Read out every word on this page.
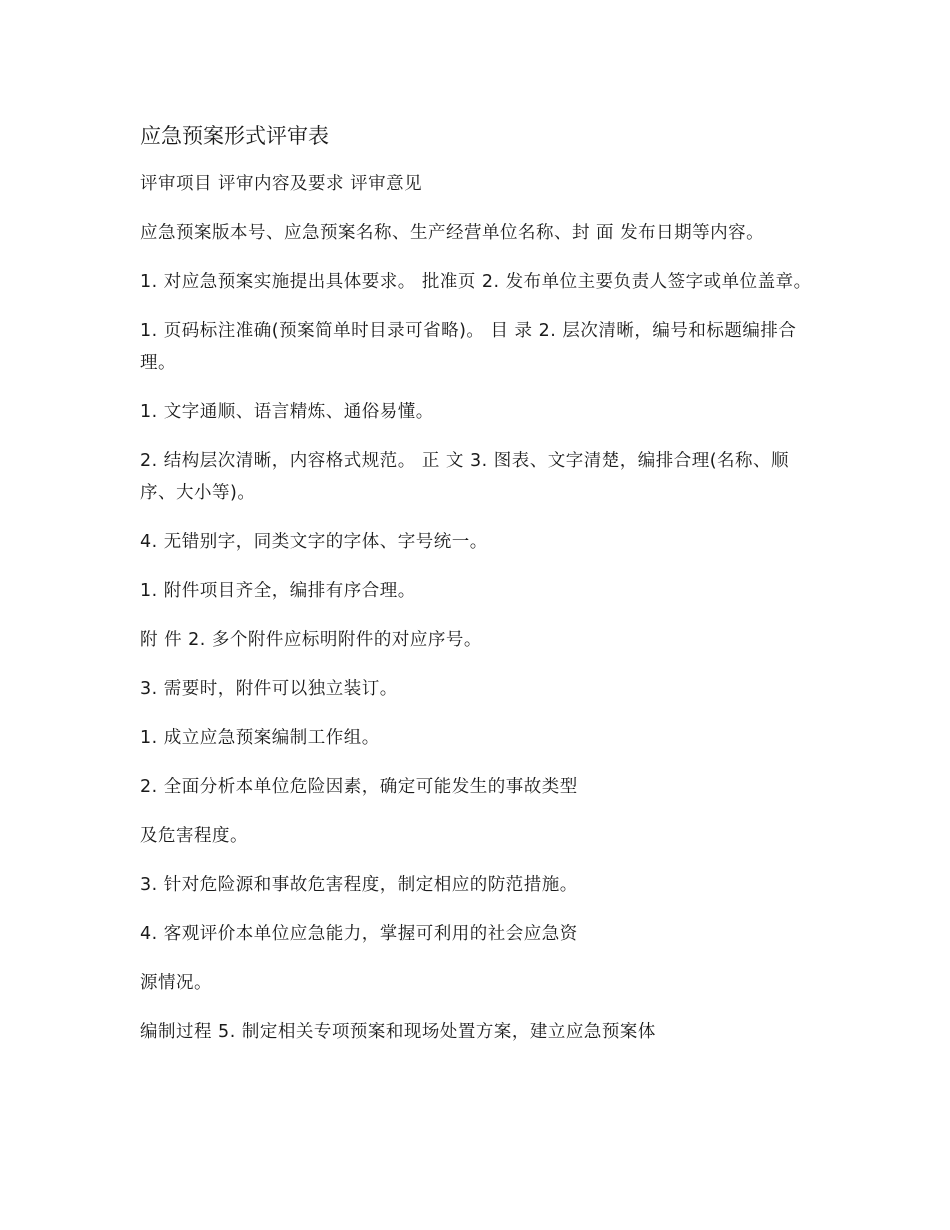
应急预案形式评审表

评审项目 评审内容及要求 评审意见

应急预案版本号、应急预案名称、生产经营单位名称、封 面 发布日期等内容。

1. 对应急预案实施提出具体要求。 批准页 2. 发布单位主要负责人签字或单位盖章。

1. 页码标注准确(预案简单时目录可省略)。 目 录 2. 层次清晰，编号和标题编排合理。

1. 文字通顺、语言精炼、通俗易懂。

2. 结构层次清晰，内容格式规范。 正 文 3. 图表、文字清楚，编排合理(名称、顺序、大小等)。

4. 无错别字，同类文字的字体、字号统一。

1. 附件项目齐全，编排有序合理。

附 件 2. 多个附件应标明附件的对应序号。

3. 需要时，附件可以独立装订。

1. 成立应急预案编制工作组。

2. 全面分析本单位危险因素，确定可能发生的事故类型

及危害程度。

3. 针对危险源和事故危害程度，制定相应的防范措施。

4. 客观评价本单位应急能力，掌握可利用的社会应急资

源情况。

编制过程 5. 制定相关专项预案和现场处置方案，建立应急预案体
